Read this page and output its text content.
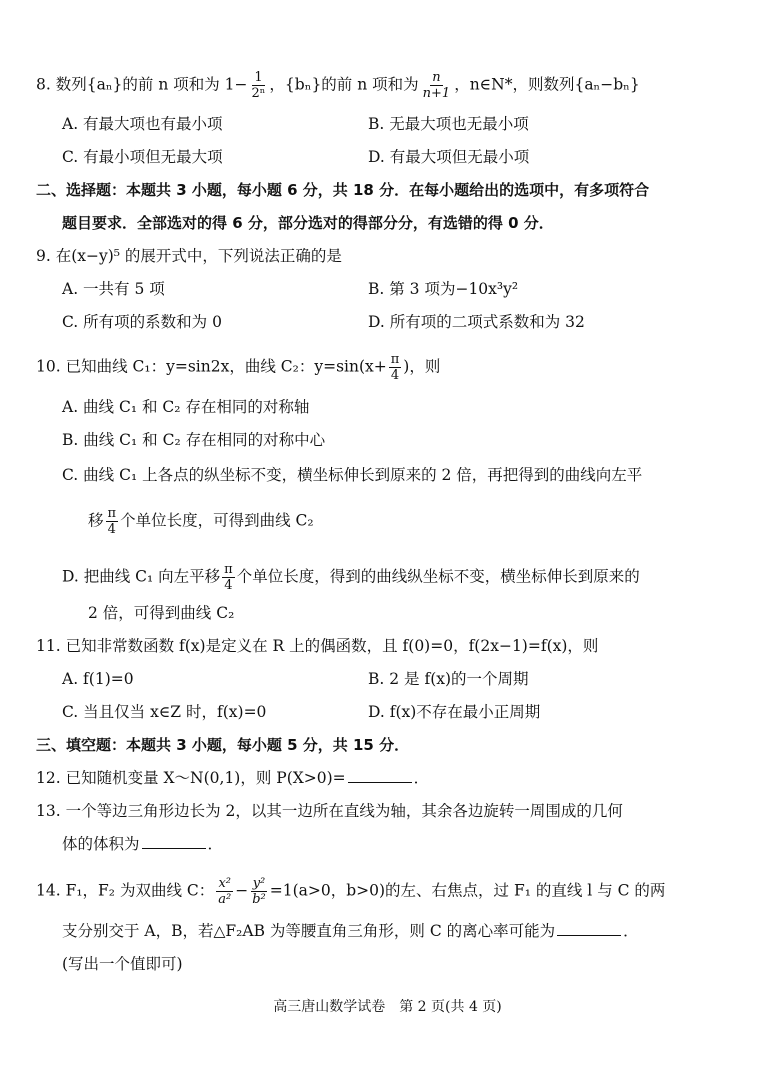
8. 数列{aₙ}的前 n 项和为 $1- \frac{1}{\text{2ⁿ}}$ ，{bₙ}的前 n 项和为 $\frac{n}{n+1}$ ，n∈N*，则数列{aₙ−bₙ}
A. 有最大项也有最小项	B. 无最大项也无最小项
C. 有最小项但无最大项	D. 有最大项但无最小项
二、选择题：本题共 3 小题，每小题 6 分，共 18 分．在每小题给出的选项中，有多项符合
题目要求．全部选对的得 6 分，部分选对的得部分分，有选错的得 0 分．
9. 在(x−y)⁵ 的展开式中，下列说法正确的是
A. 一共有 5 项	B. 第 3 项为−10x³y²
C. 所有项的系数和为 0	D. 所有项的二项式系数和为 32
10. 已知曲线 C₁：y=sin2x，曲线 C₂：$y=\sin(x+ \frac{\pi}{4}$ )，则
A. 曲线 C₁ 和 C₂ 存在相同的对称轴
B. 曲线 C₁ 和 C₂ 存在相同的对称中心
C. 曲线 C₁ 上各点的纵坐标不变，横坐标伸长到原来的 2 倍，再把得到的曲线向左平
移 $\frac{\pi}{4}$ 个单位长度，可得到曲线 C₂
D. 把曲线 C₁ 向左平移 $\frac{\pi}{4}$ 个单位长度，得到的曲线纵坐标不变，横坐标伸长到原来的
2 倍，可得到曲线 C₂
11. 已知非常数函数 f(x)是定义在 R 上的偶函数，且 f(0)=0，f(2x−1)=f(x)，则
A. f(1)=0	B. 2 是 f(x)的一个周期
C. 当且仅当 x∈Z 时，f(x)=0	D. f(x)不存在最小正周期
三、填空题：本题共 3 小题，每小题 5 分，共 15 分．
12. 已知随机变量 X～N(0,1)，则 P(X>0)=	．
13. 一个等边三角形边长为 2，以其一边所在直线为轴，其余各边旋转一周围成的几何
体的体积为	．
14. F₁，F₂ 为双曲线 C： $\frac{\text{x²}}{\text{a²}} - \frac{\text{y²}}{\text{b²}} =1(a>0$，b>0)的左、右焦点，过 F₁ 的直线 l 与 C 的两
支分别交于 A，B，若△F₂AB 为等腰直角三角形，则 C 的离心率可能为	．
(写出一个值即可)
高三唐山数学试卷　第 2 页(共 4 页)
